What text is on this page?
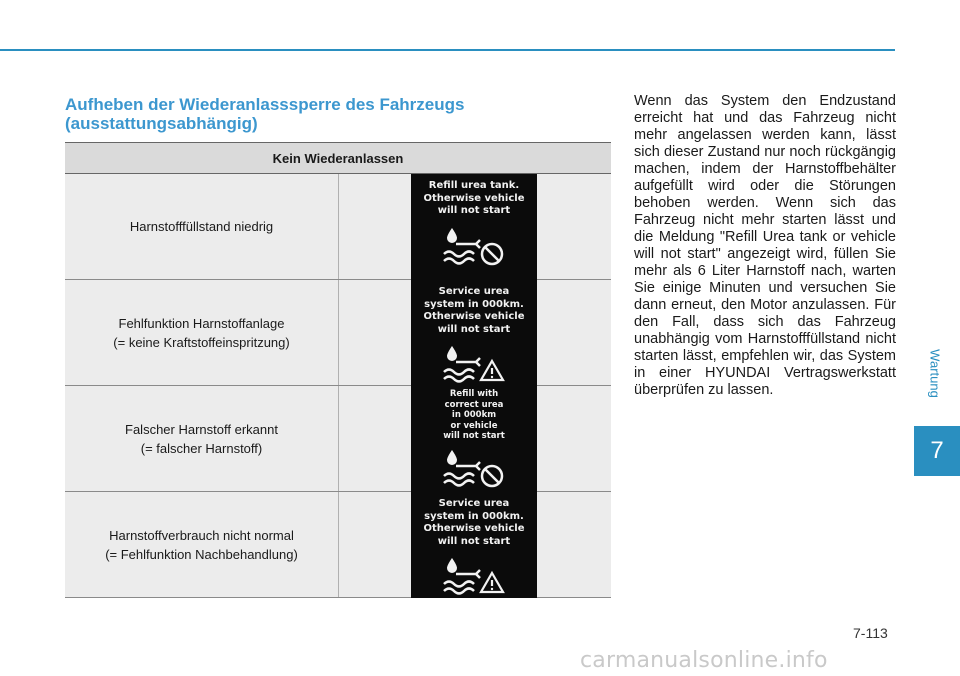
Aufheben der Wiederanlasssperre des Fahrzeugs
(ausstattungsabhängig)
Kein Wiederanlassen	

Harnstofffüllstand niedrig	Refill urea tank.
Otherwise vehicle
will not start

Fehlfunktion Harnstoffanlage
(= keine Kraftstoffeinspritzung)	Service urea
system in 000km.
Otherwise vehicle
will not start

Falscher Harnstoff erkannt
(= falscher Harnstoff)	Refill with
correct urea
in 000km
or vehicle
will not start

Harnstoffverbrauch nicht normal
(= Fehlfunktion Nachbehandlung)	Service urea
system in 000km.
Otherwise vehicle
will not start
Wenn das System den Endzustand erreicht hat und das Fahrzeug nicht mehr angelassen werden kann, lässt sich dieser Zustand nur noch rückgängig machen, indem der Harnstoffbehälter aufgefüllt wird oder die Störungen behoben werden. Wenn sich das Fahrzeug nicht mehr starten lässt und die Meldung "Refill Urea tank or vehicle will not start" angezeigt wird, füllen Sie mehr als 6 Liter Harnstoff nach, warten Sie einige Minuten und versuchen Sie dann erneut, den Motor anzulassen. Für den Fall, dass sich das Fahrzeug unabhängig vom Harnstofffüllstand nicht starten lässt, empfehlen wir, das System in einer HYUNDAI Vertragswerkstatt überprüfen zu lassen.	Wartung
7
7-113
carmanualsonline.info
